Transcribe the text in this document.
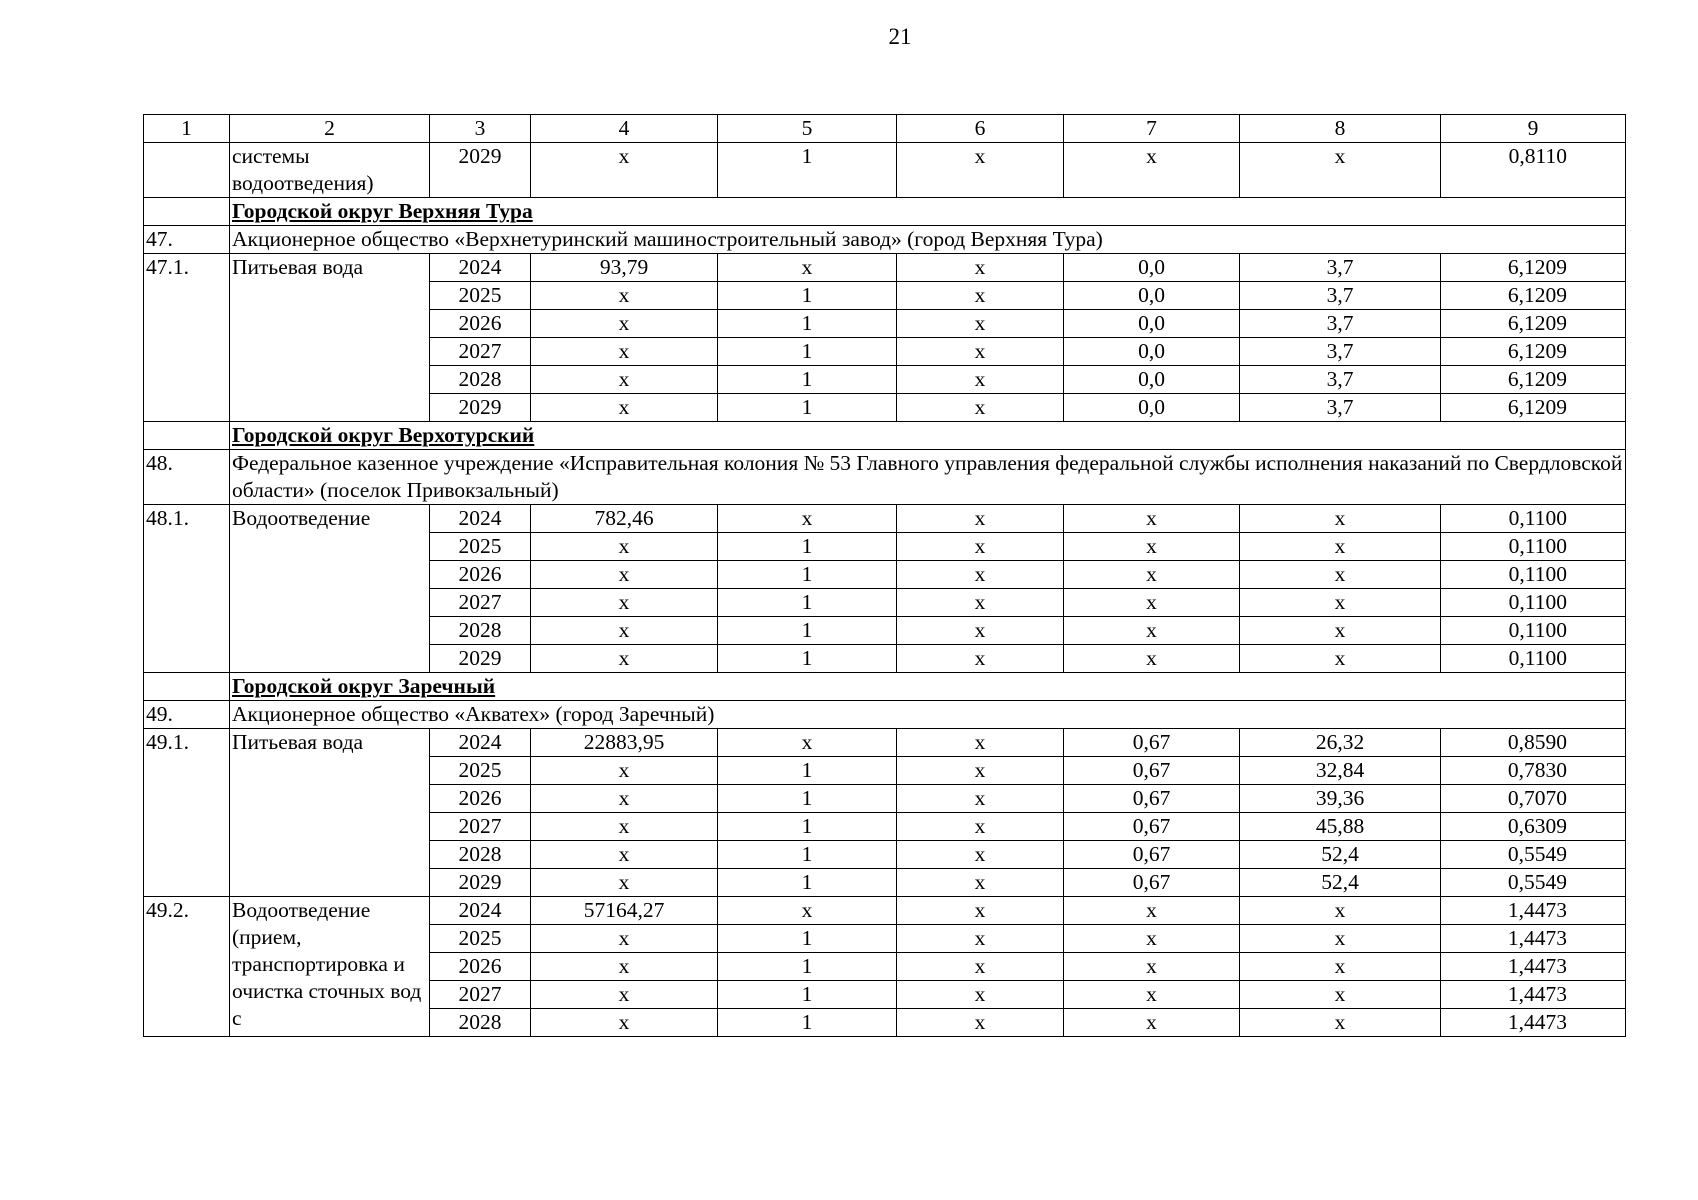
21
1	2	3	4	5	6	7	8	9
	системы водоотведения)	2029	х	1	х	х	х	0,8110
	Городской округ Верхняя Тура							
47.	Акционерное общество «Верхнетуринский машиностроительный завод» (город Верхняя Тура)							
47.1.	Питьевая вода	2024	93,79	х	х	0,0	3,7	6,1209
		2025	х	1	х	0,0	3,7	6,1209
		2026	х	1	х	0,0	3,7	6,1209
		2027	х	1	х	0,0	3,7	6,1209
		2028	х	1	х	0,0	3,7	6,1209
		2029	х	1	х	0,0	3,7	6,1209
	Городской округ Верхотурский							
48.	Федеральное казенное учреждение «Исправительная колония № 53 Главного управления федеральной службы исполнения наказаний по Свердловской области» (поселок Привокзальный)							
48.1.	Водоотведение	2024	782,46	х	х	х	х	0,1100
		2025	х	1	х	х	х	0,1100
		2026	х	1	х	х	х	0,1100
		2027	х	1	х	х	х	0,1100
		2028	х	1	х	х	х	0,1100
		2029	х	1	х	х	х	0,1100
	Городской округ Заречный							
49.	Акционерное общество «Акватех» (город Заречный)							
49.1.	Питьевая вода	2024	22883,95	х	х	0,67	26,32	0,8590
		2025	х	1	х	0,67	32,84	0,7830
		2026	х	1	х	0,67	39,36	0,7070
		2027	х	1	х	0,67	45,88	0,6309
		2028	х	1	х	0,67	52,4	0,5549
		2029	х	1	х	0,67	52,4	0,5549
49.2.	Водоотведение (прием, транспортировка и очистка сточных вод с	2024	57164,27	х	х	х	х	1,4473
		2025	х	1	х	х	х	1,4473
		2026	х	1	х	х	х	1,4473
		2027	х	1	х	х	х	1,4473
		2028	х	1	х	х	х	1,4473
